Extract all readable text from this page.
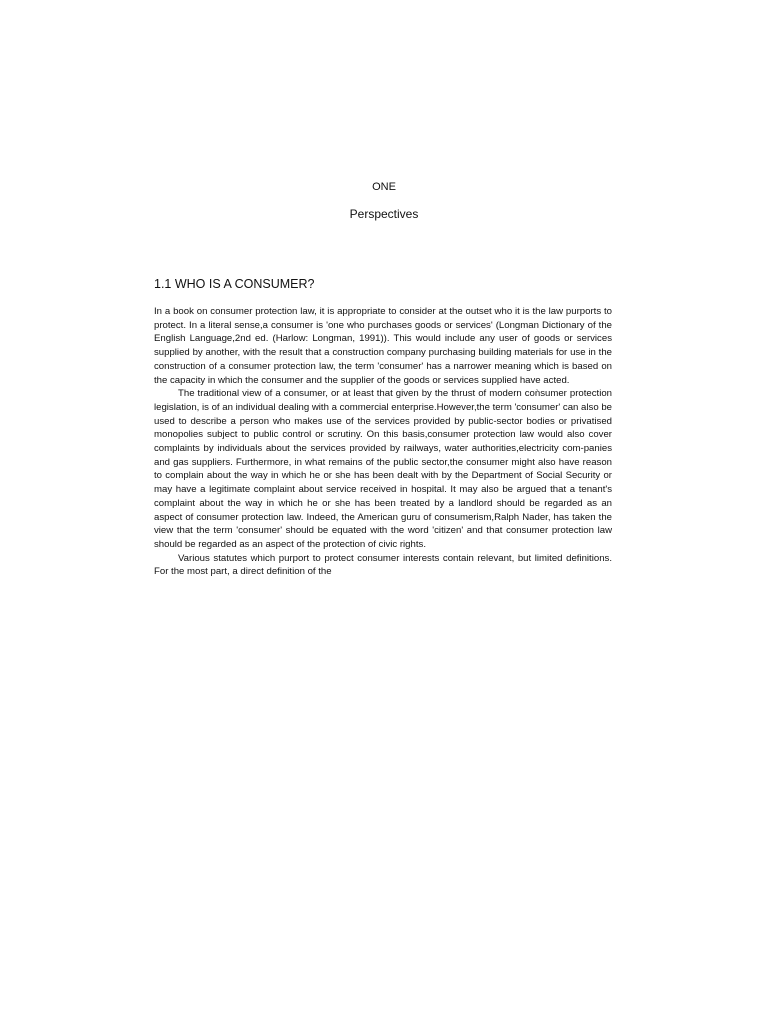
ONE
Perspectives
1.1 WHO IS A CONSUMER?

In a book on consumer protection law, it is appropriate to consider at the outset who it is the law purports to protect. In a literal sense,a consumer is 'one who purchases goods or services' (Longman Dictionary of the English Language,2nd ed. (Harlow: Longman, 1991)). This would include any user of goods or services supplied by another, with the result that a construction company purchasing building materials for use in the construction of a consumer protection law, the term 'consumer' has a narrower meaning which is based on the capacity in which the consumer and the supplier of the goods or services supplied have acted.

The traditional view of a consumer, or at least that given by the thrust of modern coǹsumer protection legislation, is of an individual dealing with a commercial enterprise.However,the term 'consumer' can also be used to describe a person who makes use of the services provided by public-sector bodies or privatised monopolies subject to public control or scrutiny. On this basis,consumer protection law would also cover complaints by individuals about the services provided by railways, water authorities,electricity com-panies and gas suppliers. Furthermore, in what remains of the public sector,the consumer might also have reason to complain about the way in which he or she has been dealt with by the Department of Social Security or may have a legitimate complaint about service received in hospital. It may also be argued that a tenant's complaint about the way in which he or she has been treated by a landlord should be regarded as an aspect of consumer protection law. Indeed, the American guru of consumerism,Ralph Nader, has taken the view that the term 'consumer' should be equated with the word 'citizen' and that consumer protection law should be regarded as an aspect of the protection of civic rights.

Various statutes which purport to protect consumer interests contain relevant, but limited definitions. For the most part, a direct definition of the
